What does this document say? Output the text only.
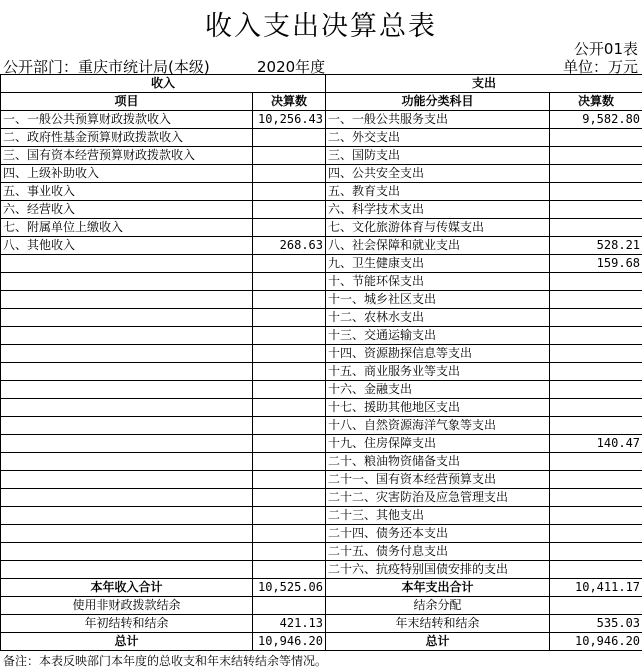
收入支出决算总表
公开01表
公开部门：重庆市统计局(本级)	2020年度	单位：万元
收入		支出	
项目	决算数	功能分类科目	决算数
一、一般公共预算财政拨款收入	10,256.43	一、一般公共服务支出	9,582.80
二、政府性基金预算财政拨款收入		二、外交支出	
三、国有资本经营预算财政拨款收入		三、国防支出	
四、上级补助收入		四、公共安全支出	
五、事业收入		五、教育支出	
六、经营收入		六、科学技术支出	
七、附属单位上缴收入		七、文化旅游体育与传媒支出	
八、其他收入	268.63	八、社会保障和就业支出	528.21
		九、卫生健康支出	159.68
		十、节能环保支出	
		十一、城乡社区支出	
		十二、农林水支出	
		十三、交通运输支出	
		十四、资源勘探信息等支出	
		十五、商业服务业等支出	
		十六、金融支出	
		十七、援助其他地区支出	
		十八、自然资源海洋气象等支出	
		十九、住房保障支出	140.47
		二十、粮油物资储备支出	
		二十一、国有资本经营预算支出	
		二十二、灾害防治及应急管理支出	
		二十三、其他支出	
		二十四、债务还本支出	
		二十五、债务付息支出	
		二十六、抗疫特别国债安排的支出	
本年收入合计	10,525.06	本年支出合计	10,411.17
使用非财政拨款结余		结余分配	
年初结转和结余	421.13	年末结转和结余	535.03
总计	10,946.20	总计	10,946.20
备注：本表反映部门本年度的总收支和年末结转结余等情况。
